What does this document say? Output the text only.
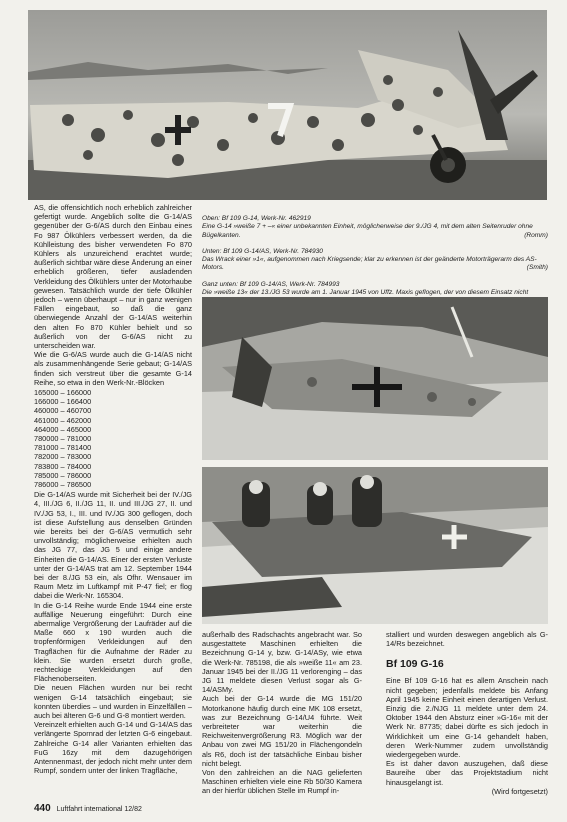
Oben: Bf 109 G-14, Werk-Nr. 462919

Eine G-14 »weiße 7 + –« einer unbekannten Einheit, möglicherweise der 9./JG 4, mit dem alten Seitenruder ohne Bügelkanten.	(Romm)

Unten: Bf 109 G-14/AS, Werk-Nr. 784930

Das Wrack einer »1«, aufgenommen nach Kriegsende; klar zu erkennen ist der geänderte Motorträgerarm des AS-Motors.	(Smith)

Ganz unten: Bf 109 G-14/AS, Werk-Nr. 784993

Die »weiße 13« der 13./JG 53 wurde am 1. Januar 1945 von Uffz. Maxis geflogen, der von diesem Einsatz nicht

AS, die offensichtlich noch erheblich zahlreicher gefertigt wurde. Angeblich sollte die G-14/AS gegenüber der G-6/AS durch den Einbau eines Fo 987 Ölkühlers verbessert werden, da die Kühlleistung des bisher verwendeten Fo 870 Kühlers als unzureichend erachtet wurde; äußerlich sichtbar wäre diese Änderung an einer erheblich größeren, tiefer ausladenden Verkleidung des Ölkühlers unter der Motorhaube gewesen. Tatsächlich wurde der tiefe Ölkühler jedoch – wenn überhaupt – nur in ganz wenigen Fällen eingebaut, so daß die ganz überwiegende Anzahl der G-14/AS weiterhin den alten Fo 870 Kühler behielt und so äußerlich von der G-6/AS nicht zu unterscheiden war.

Wie die G-6/AS wurde auch die G-14/AS nicht als zusammenhängende Serie gebaut; G-14/AS finden sich verstreut über die gesamte G-14 Reihe, so etwa in den Werk-Nr.-Blöcken

165000 – 166000
166000 – 166400
460000 – 460700
461000 – 462000
464000 – 465000
780000 – 781000
781000 – 781400
782000 – 783000
783800 – 784000
785000 – 786000
786000 – 786500

Die G-14/AS wurde mit Sicherheit bei der IV./JG 4, III./JG 6, II./JG 11, II. und III./JG 27, II. und IV./JG 53, I., III. und IV./JG 300 geflogen, doch ist diese Aufstellung aus denselben Gründen wie bereits bei der G-6/AS vermutlich sehr unvollständig; möglicherweise erhielten auch das JG 77, das JG 5 und einige andere Einheiten die G-14/AS. Einer der ersten Verluste unter der G-14/AS trat am 12. September 1944 bei der 8./JG 53 ein, als Ofhr. Wensauer im Raum Metz im Luftkampf mit P-47 fiel; er flog dabei die Werk-Nr. 165304.

In die G-14 Reihe wurde Ende 1944 eine erste auffällige Neuerung eingeführt: Durch eine abermalige Vergrößerung der Laufräder auf die Maße 660 x 190 wurden auch die tropfenförmigen Verkleidungen auf den Tragflächen für die Aufnahme der Räder zu klein. Sie wurden ersetzt durch große, rechteckige Verkleidungen auf den Flächenoberseiten.

Die neuen Flächen wurden nur bei recht wenigen G-14 tatsächlich eingebaut; sie konnten überdies – und wurden in Einzelfällen – auch bei älteren G-6 und G-8 montiert werden.

Vereinzelt erhielten auch G-14 und G-14/AS das verlängerte Spornrad der letzten G-6 eingebaut. Zahlreiche G-14 aller Varianten erhielten das FuG 16zy mit dem dazugehörigen Antennenmast, der jedoch nicht mehr unter dem Rumpf, sondern unter der linken Tragfläche,

außerhalb des Radschachts angebracht war. So ausgestattete Maschinen erhielten die Bezeichnung G-14 y, bzw. G-14/ASy, wie etwa die Werk-Nr. 785198, die als »weiße 11« am 23. Januar 1945 bei der II./JG 11 verlorenging – das JG 11 meldete diesen Verlust sogar als G-14/ASMy.

Auch bei der G-14 wurde die MG 151/20 Motorkanone häufig durch eine MK 108 ersetzt, was zur Bezeichnung G-14/U4 führte. Weit verbreiteter war weiterhin die Reichweitenvergrößerung R3. Möglich war der Anbau von zwei MG 151/20 in Flächengondeln als R6, doch ist der tatsächliche Einbau bisher nicht belegt.

Von den zahlreichen an die NAG gelieferten Maschinen erhielten viele eine Rb 50/30 Kamera an der hierfür üblichen Stelle im Rumpf in-

stalliert und wurden deswegen angeblich als G-14/Rs bezeichnet.

Bf 109 G-16

Eine Bf 109 G-16 hat es allem Anschein nach nicht gegeben; jedenfalls meldete bis Anfang April 1945 keine Einheit einen derartigen Verlust. Einzig die 2./NJG 11 meldete unter dem 24. Oktober 1944 den Absturz einer »G-16« mit der Werk Nr. 87735; dabei dürfte es sich jedoch in Wirklichkeit um eine G-14 gehandelt haben, deren Werk-Nummer zudem unvollständig wiedergegeben wurde.

Es ist daher davon auszugehen, daß diese Baureihe über das Projektstadium nicht hinausgelangt ist.

(Wird fortgesetzt)
440 Luftfahrt international 12/82
